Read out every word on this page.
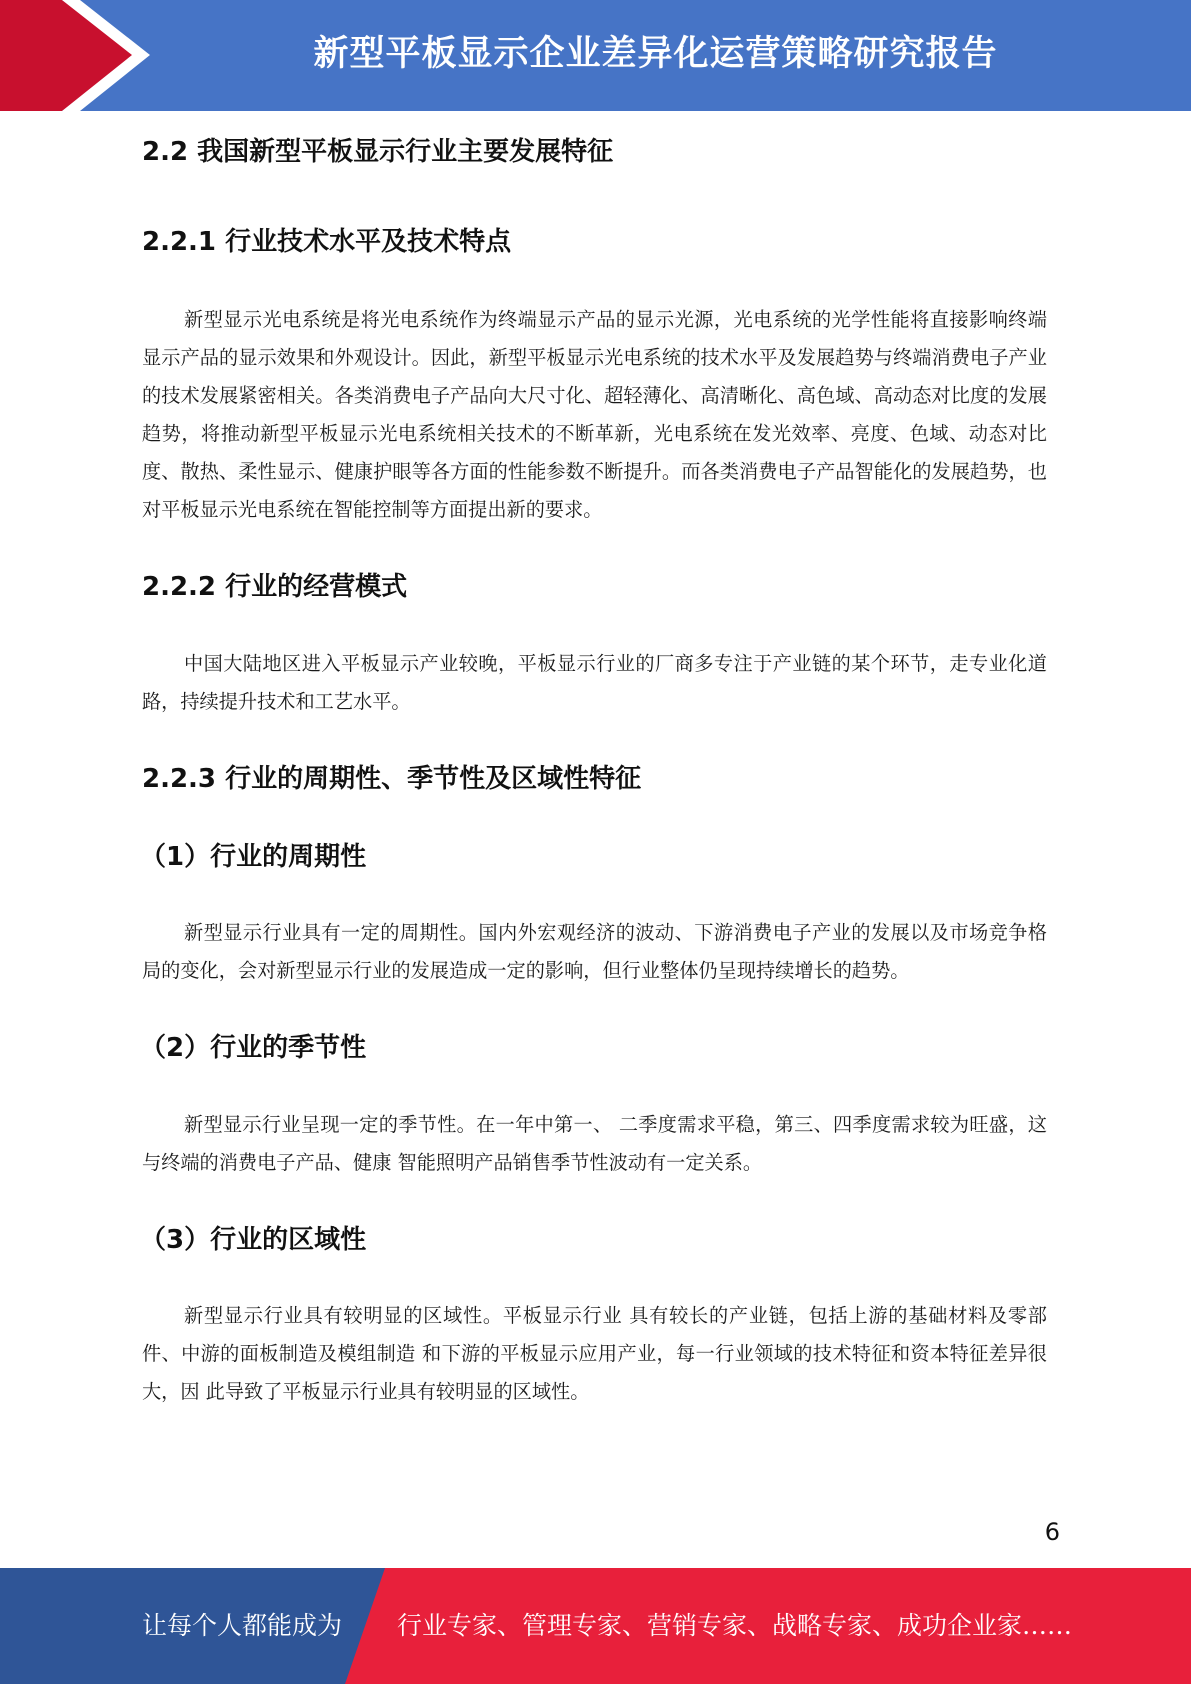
新型平板显示企业差异化运营策略研究报告
2.2 我国新型平板显示行业主要发展特征
2.2.1 行业技术水平及技术特点

新型显示光电系统是将光电系统作为终端显示产品的显示光源，光电系统的光学性能将直接影响终端显示产品的显示效果和外观设计。因此，新型平板显示光电系统的技术水平及发展趋势与终端消费电子产业的技术发展紧密相关。各类消费电子产品向大尺寸化、超轻薄化、高清晰化、高色域、高动态对比度的发展趋势，将推动新型平板显示光电系统相关技术的不断革新，光电系统在发光效率、亮度、色域、动态对比度、散热、柔性显示、健康护眼等各方面的性能参数不断提升。而各类消费电子产品智能化的发展趋势，也对平板显示光电系统在智能控制等方面提出新的要求。

2.2.2 行业的经营模式

中国大陆地区进入平板显示产业较晚，平板显示行业的厂商多专注于产业链的某个环节，走专业化道路，持续提升技术和工艺水平。

2.2.3 行业的周期性、季节性及区域性特征
（1）行业的周期性

新型显示行业具有一定的周期性。国内外宏观经济的波动、下游消费电子产业的发展以及市场竞争格局的变化，会对新型显示行业的发展造成一定的影响，但行业整体仍呈现持续增长的趋势。

（2）行业的季节性

新型显示行业呈现一定的季节性。在一年中第一、 二季度需求平稳，第三、四季度需求较为旺盛，这与终端的消费电子产品、健康 智能照明产品销售季节性波动有一定关系。

（3）行业的区域性

新型显示行业具有较明显的区域性。平板显示行业 具有较长的产业链，包括上游的基础材料及零部件、中游的面板制造及模组制造 和下游的平板显示应用产业，每一行业领域的技术特征和资本特征差异很大，因 此导致了平板显示行业具有较明显的区域性。

6
让每个人都能成为 行业专家、管理专家、营销专家、战略专家、成功企业家……
